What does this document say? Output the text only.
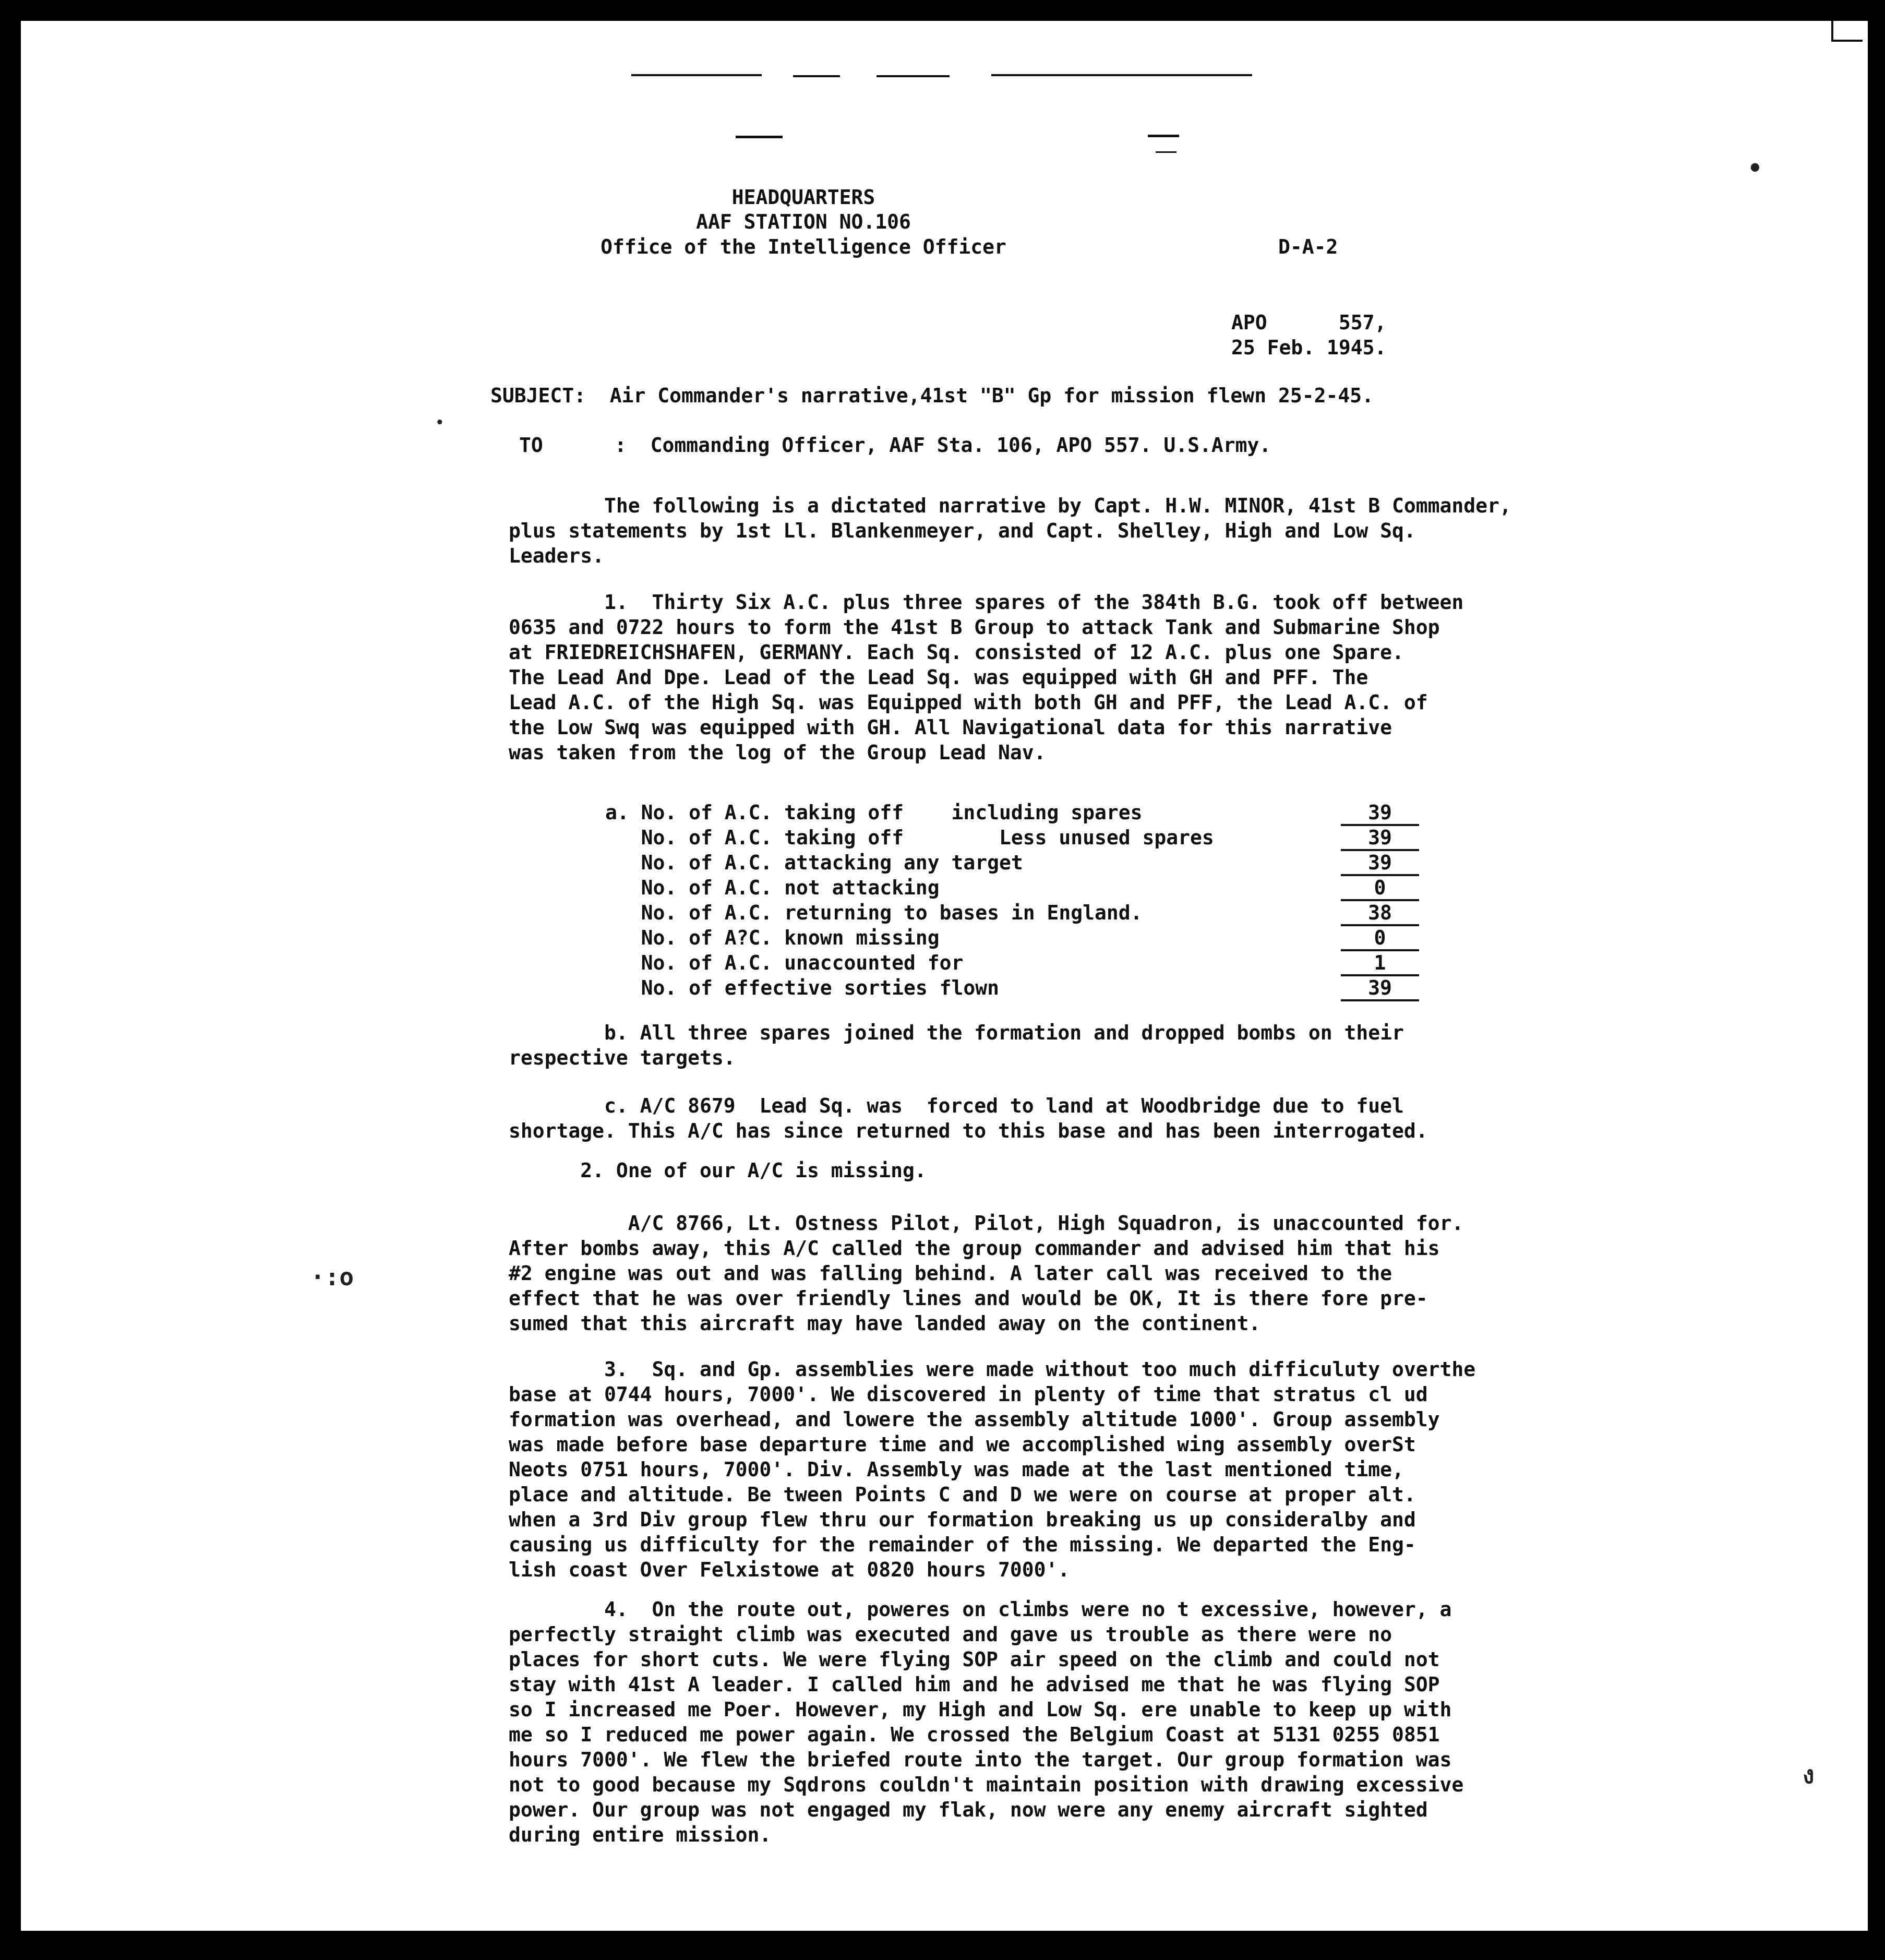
•
•
·:o
ง
HEADQUARTERS
AAF STATION NO.106
Office of the Intelligence Officer	D-A-2
APO      557,
25 Feb. 1945.
SUBJECT:  Air Commander's narrative,41st "B" Gp for mission flewn 25-2-45.
TO      :  Commanding Officer, AAF Sta. 106, APO 557. U.S.Army.
The following is a dictated narrative by Capt. H.W. MINOR, 41st B Commander,
plus statements by 1st Ll. Blankenmeyer, and Capt. Shelley, High and Low Sq.
Leaders.
1.  Thirty Six A.C. plus three spares of the 384th B.G. took off between
0635 and 0722 hours to form the 41st B Group to attack Tank and Submarine Shop
at FRIEDREICHSHAFEN, GERMANY. Each Sq. consisted of 12 A.C. plus one Spare.
The Lead And Dpe. Lead of the Lead Sq. was equipped with GH and PFF. The
Lead A.C. of the High Sq. was Equipped with both GH and PFF, the Lead A.C. of
the Low Swq was equipped with GH. All Navigational data for this narrative
was taken from the log of the Group Lead Nav.
a. No. of A.C. taking off    including spares	39
No. of A.C. taking off        Less unused spares	39
No. of A.C. attacking any target	39
No. of A.C. not attacking	0
No. of A.C. returning to bases in England.	38
No. of A?C. known missing	0
No. of A.C. unaccounted for	1
No. of effective sorties flown	39
b. All three spares joined the formation and dropped bombs on their
respective targets.
c. A/C 8679  Lead Sq. was  forced to land at Woodbridge due to fuel
shortage. This A/C has since returned to this base and has been interrogated.
2. One of our A/C is missing.
A/C 8766, Lt. Ostness Pilot, Pilot, High Squadron, is unaccounted for.
After bombs away, this A/C called the group commander and advised him that his
#2 engine was out and was falling behind. A later call was received to the
effect that he was over friendly lines and would be OK, It is there fore pre-
sumed that this aircraft may have landed away on the continent.
3.  Sq. and Gp. assemblies were made without too much difficuluty overthe
base at 0744 hours, 7000'. We discovered in plenty of time that stratus cl ud
formation was overhead, and lowere the assembly altitude 1000'. Group assembly
was made before base departure time and we accomplished wing assembly overSt
Neots 0751 hours, 7000'. Div. Assembly was made at the last mentioned time,
place and altitude. Be tween Points C and D we were on course at proper alt.
when a 3rd Div group flew thru our formation breaking us up consideralby and
causing us difficulty for the remainder of the missing. We departed the Eng-
lish coast Over Felxistowe at 0820 hours 7000'.
4.  On the route out, poweres on climbs were no t excessive, however, a
perfectly straight climb was executed and gave us trouble as there were no
places for short cuts. We were flying SOP air speed on the climb and could not
stay with 41st A leader. I called him and he advised me that he was flying SOP
so I increased me Poer. However, my High and Low Sq. ere unable to keep up with
me so I reduced me power again. We crossed the Belgium Coast at 5131 0255 0851
hours 7000'. We flew the briefed route into the target. Our group formation was
not to good because my Sqdrons couldn't maintain position with drawing excessive
power. Our group was not engaged my flak, now were any enemy aircraft sighted
during entire mission.
